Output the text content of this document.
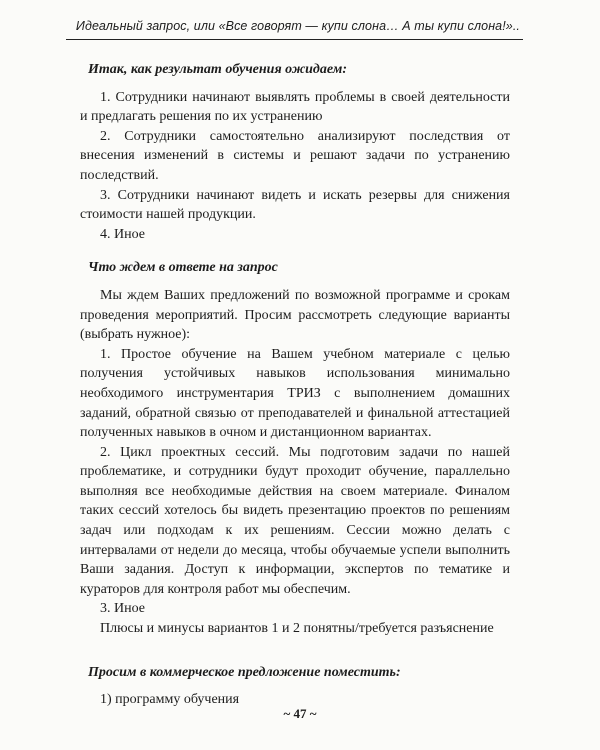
Идеальный запрос, или «Все говорят — купи слона… А ты купи слона!»..

Итак, как результат обучения ожидаем:

1. Сотрудники начинают выявлять проблемы в своей деятельности и предлагать решения по их устранению

2. Сотрудники самостоятельно анализируют последствия от внесения изменений в системы и решают задачи по устранению последствий.

3. Сотрудники начинают видеть и искать резервы для снижения стоимости нашей продукции.

4. Иное

Что ждем в ответе на запрос

Мы ждем Ваших предложений по возможной программе и срокам проведения мероприятий. Просим рассмотреть следующие варианты (выбрать нужное):

1. Простое обучение на Вашем учебном материале с целью получения устойчивых навыков использования минимально необходимого инструментария ТРИЗ с выполнением домашних заданий, обратной связью от преподавателей и финальной аттестацией полученных навыков в очном и дистанционном вариантах.

2. Цикл проектных сессий. Мы подготовим задачи по нашей проблематике, и сотрудники будут проходит обучение, параллельно выполняя все необходимые действия на своем материале. Финалом таких сессий хотелось бы видеть презентацию проектов по решениям задач или подходам к их решениям. Сессии можно делать с интервалами от недели до месяца, чтобы обучаемые успели выполнить Ваши задания. Доступ к информации, экспертов по тематике и кураторов для контроля работ мы обеспечим.

3. Иное

Плюсы и минусы вариантов 1 и 2 понятны/требуется разъяснение

Просим в коммерческое предложение поместить:

1) программу обучения

~ 47 ~
